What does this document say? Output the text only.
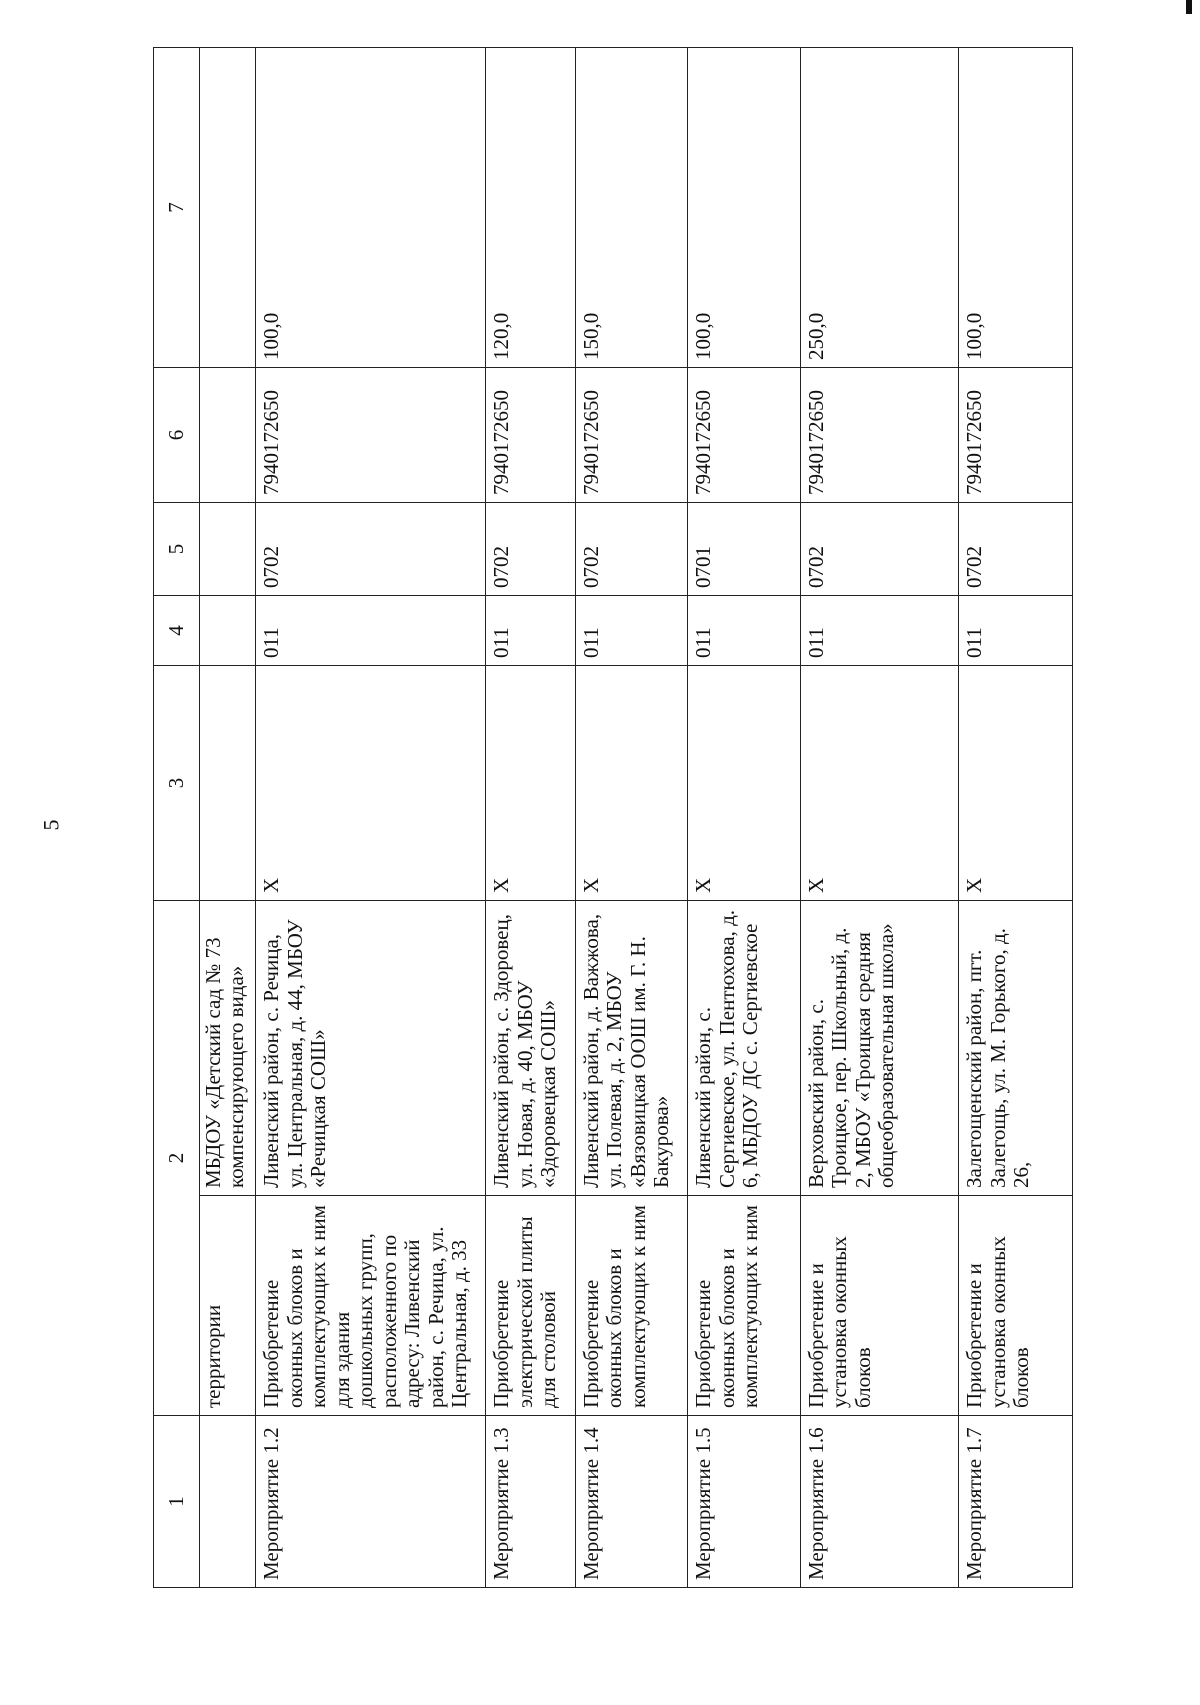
5
1	2		3	4	5	6	7
	территории	МБДОУ «Детский сад № 73 компенсирующего вида»					
Мероприятие 1.2	Приобретение оконных блоков и комплектующих к ним для здания дошкольных групп, расположенного по адресу: Ливенский район, с. Речица, ул. Центральная, д. 33	Ливенский район, с. Речица, ул. Центральная, д. 44, МБОУ «Речицкая СОШ»	Х	011	0702	7940172650	100,0
Мероприятие 1.3	Приобретение электрической плиты для столовой	Ливенский район, с. Здоровец, ул. Новая, д. 40, МБОУ «Здоровецкая СОШ»	Х	011	0702	7940172650	120,0
Мероприятие 1.4	Приобретение оконных блоков и комплектующих к ним	Ливенский район, д. Важжова, ул. Полевая, д. 2, МБОУ «Вязовицкая ООШ им. Г. Н. Бакурова»	Х	011	0702	7940172650	150,0
Мероприятие 1.5	Приобретение оконных блоков и комплектующих к ним	Ливенский район, с. Сергиевское, ул. Пентюхова, д. 6, МБДОУ ДС с. Сергиевское	Х	011	0701	7940172650	100,0
Мероприятие 1.6	Приобретение и установка оконных блоков	Верховский район, с. Троицкое, пер. Школьный, д. 2, МБОУ «Троицкая средняя общеобразовательная школа»	Х	011	0702	7940172650	250,0
Мероприятие 1.7	Приобретение и установка оконных блоков	Залегощенский район, пгт. Залегощь, ул. М. Горького, д. 26,	Х	011	0702	7940172650	100,0
